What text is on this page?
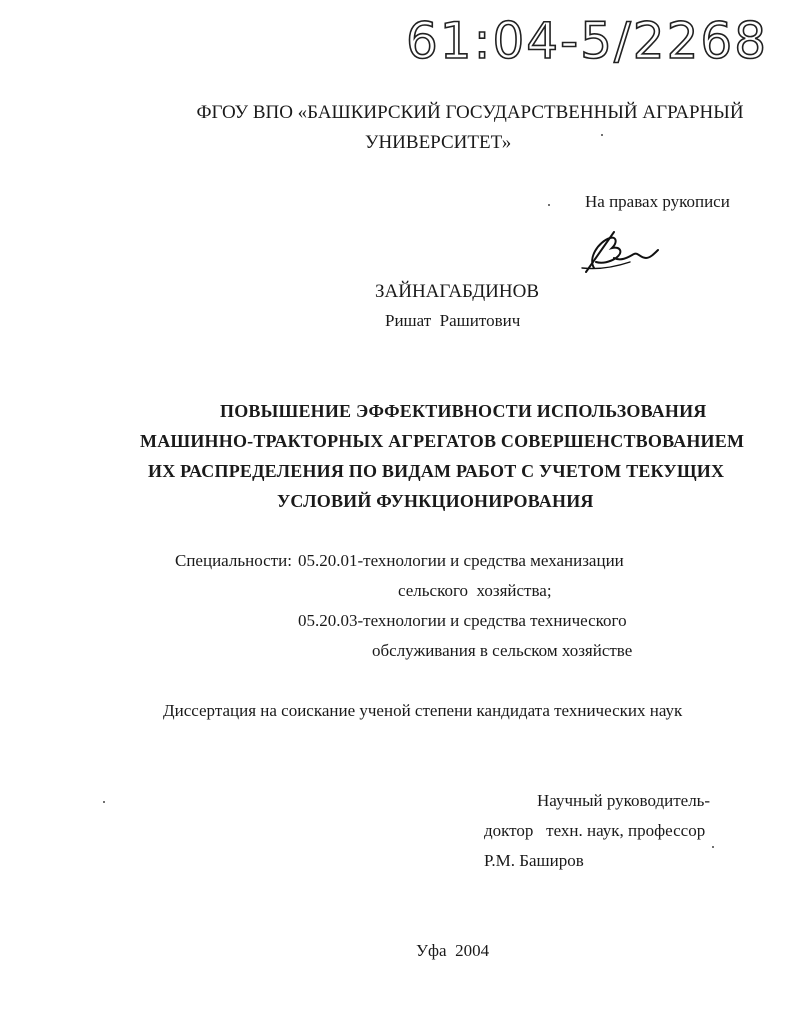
61:04-5/2268
ФГОУ ВПО «БАШКИРСКИЙ ГОСУДАРСТВЕННЫЙ АГРАРНЫЙ
УНИВЕРСИТЕТ»
На правах рукописи
ЗАЙНАГАБДИНОВ
Ришат  Рашитович
ПОВЫШЕНИЕ ЭФФЕКТИВНОСТИ ИСПОЛЬЗОВАНИЯ
МАШИННО-ТРАКТОРНЫХ АГРЕГАТОВ СОВЕРШЕНСТВОВАНИЕМ
ИХ РАСПРЕДЕЛЕНИЯ ПО ВИДАМ РАБОТ С УЧЕТОМ ТЕКУЩИХ
УСЛОВИЙ ФУНКЦИОНИРОВАНИЯ
Специальности: 05.20.01-технологии и средства механизации
сельского  хозяйства;
05.20.03-технологии и средства технического
обслуживания в сельском хозяйстве
Диссертация на соискание ученой степени кандидата технических наук
Научный руководитель-
доктор   техн. наук, профессор
Р.М. Баширов
Уфа  2004
